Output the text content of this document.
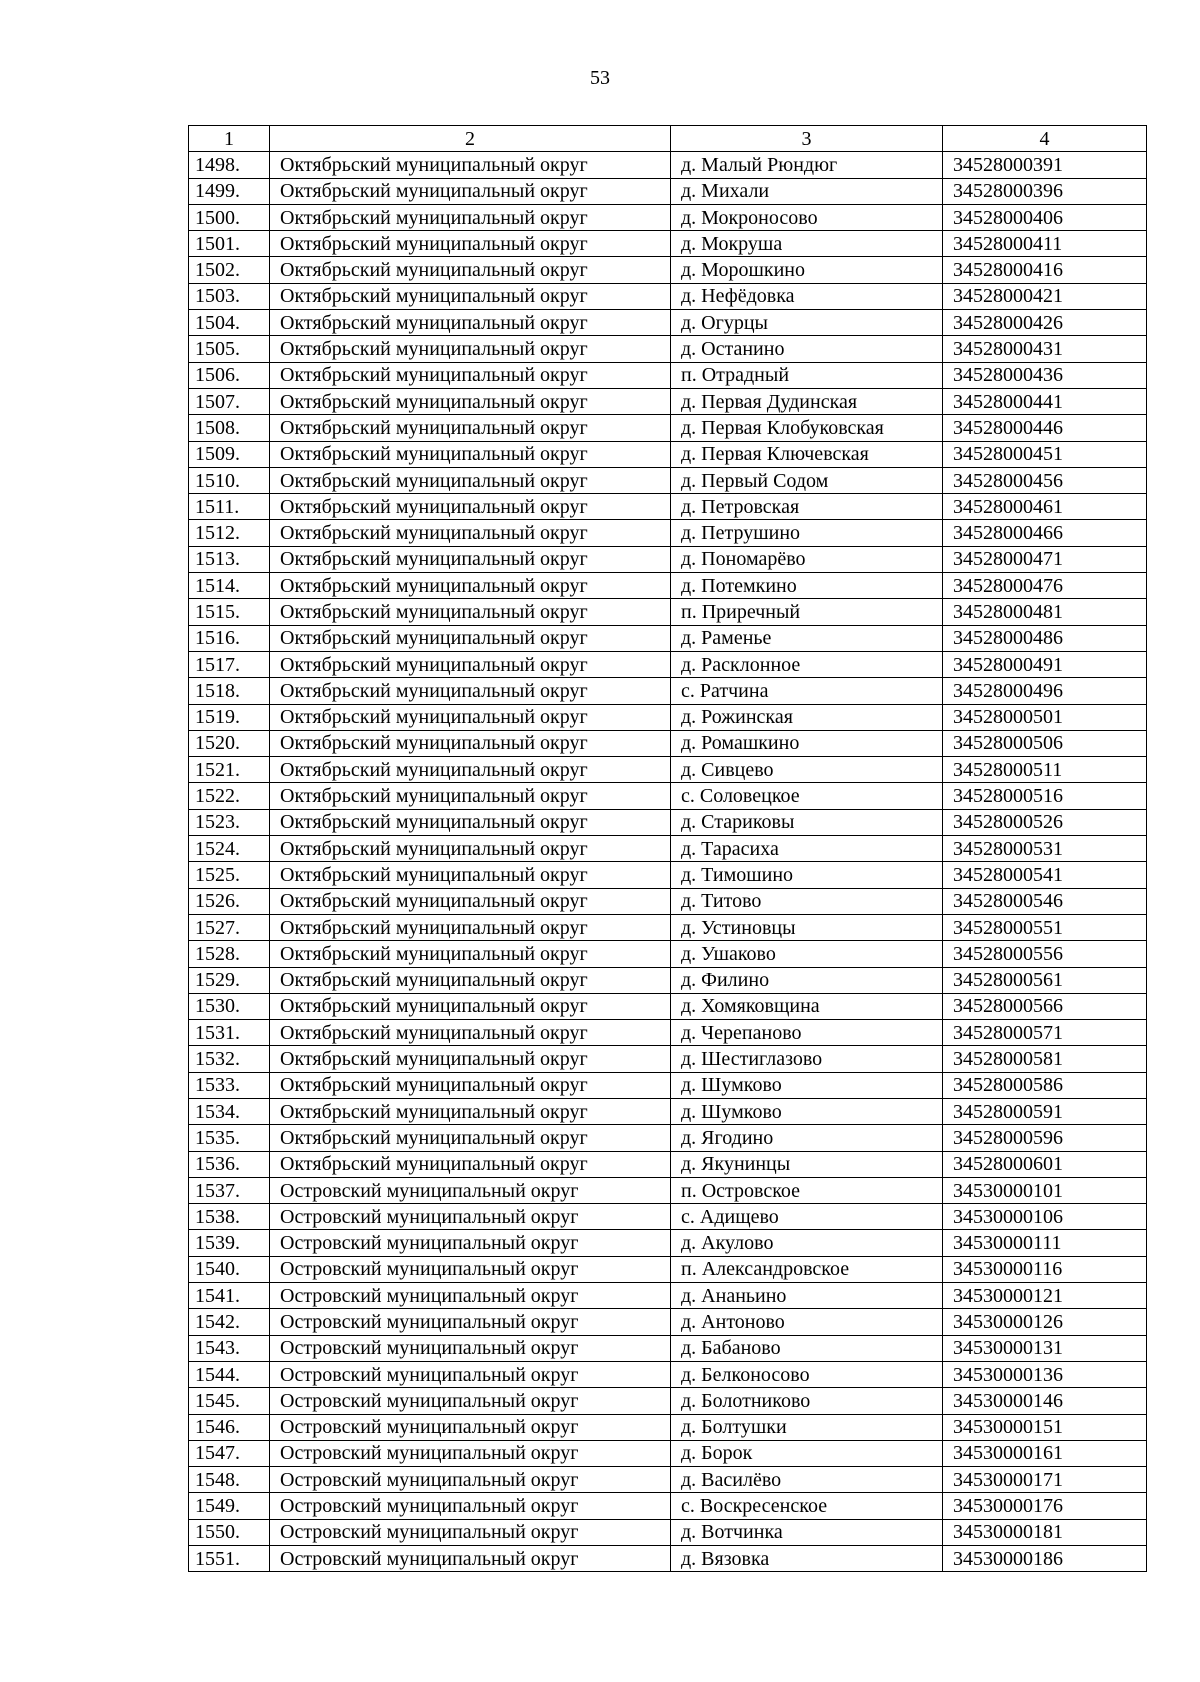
53
1	2	3	4
1498.	Октябрьский муниципальный округ	д. Малый Рюндюг	34528000391
1499.	Октябрьский муниципальный округ	д. Михали	34528000396
1500.	Октябрьский муниципальный округ	д. Мокроносово	34528000406
1501.	Октябрьский муниципальный округ	д. Мокруша	34528000411
1502.	Октябрьский муниципальный округ	д. Морошкино	34528000416
1503.	Октябрьский муниципальный округ	д. Нефёдовка	34528000421
1504.	Октябрьский муниципальный округ	д. Огурцы	34528000426
1505.	Октябрьский муниципальный округ	д. Останино	34528000431
1506.	Октябрьский муниципальный округ	п. Отрадный	34528000436
1507.	Октябрьский муниципальный округ	д. Первая Дудинская	34528000441
1508.	Октябрьский муниципальный округ	д. Первая Клобуковская	34528000446
1509.	Октябрьский муниципальный округ	д. Первая Ключевская	34528000451
1510.	Октябрьский муниципальный округ	д. Первый Содом	34528000456
1511.	Октябрьский муниципальный округ	д. Петровская	34528000461
1512.	Октябрьский муниципальный округ	д. Петрушино	34528000466
1513.	Октябрьский муниципальный округ	д. Пономарёво	34528000471
1514.	Октябрьский муниципальный округ	д. Потемкино	34528000476
1515.	Октябрьский муниципальный округ	п. Приречный	34528000481
1516.	Октябрьский муниципальный округ	д. Раменье	34528000486
1517.	Октябрьский муниципальный округ	д. Расклонное	34528000491
1518.	Октябрьский муниципальный округ	с. Ратчина	34528000496
1519.	Октябрьский муниципальный округ	д. Рожинская	34528000501
1520.	Октябрьский муниципальный округ	д. Ромашкино	34528000506
1521.	Октябрьский муниципальный округ	д. Сивцево	34528000511
1522.	Октябрьский муниципальный округ	с. Соловецкое	34528000516
1523.	Октябрьский муниципальный округ	д. Стариковы	34528000526
1524.	Октябрьский муниципальный округ	д. Тарасиха	34528000531
1525.	Октябрьский муниципальный округ	д. Тимошино	34528000541
1526.	Октябрьский муниципальный округ	д. Титово	34528000546
1527.	Октябрьский муниципальный округ	д. Устиновцы	34528000551
1528.	Октябрьский муниципальный округ	д. Ушаково	34528000556
1529.	Октябрьский муниципальный округ	д. Филино	34528000561
1530.	Октябрьский муниципальный округ	д. Хомяковщина	34528000566
1531.	Октябрьский муниципальный округ	д. Черепаново	34528000571
1532.	Октябрьский муниципальный округ	д. Шестиглазово	34528000581
1533.	Октябрьский муниципальный округ	д. Шумково	34528000586
1534.	Октябрьский муниципальный округ	д. Шумково	34528000591
1535.	Октябрьский муниципальный округ	д. Ягодино	34528000596
1536.	Октябрьский муниципальный округ	д. Якунинцы	34528000601
1537.	Островский муниципальный округ	п. Островское	34530000101
1538.	Островский муниципальный округ	с. Адищево	34530000106
1539.	Островский муниципальный округ	д. Акулово	34530000111
1540.	Островский муниципальный округ	п. Александровское	34530000116
1541.	Островский муниципальный округ	д. Ананьино	34530000121
1542.	Островский муниципальный округ	д. Антоново	34530000126
1543.	Островский муниципальный округ	д. Бабаново	34530000131
1544.	Островский муниципальный округ	д. Белконосово	34530000136
1545.	Островский муниципальный округ	д. Болотниково	34530000146
1546.	Островский муниципальный округ	д. Болтушки	34530000151
1547.	Островский муниципальный округ	д. Борок	34530000161
1548.	Островский муниципальный округ	д. Василёво	34530000171
1549.	Островский муниципальный округ	с. Воскресенское	34530000176
1550.	Островский муниципальный округ	д. Вотчинка	34530000181
1551.	Островский муниципальный округ	д. Вязовка	34530000186
